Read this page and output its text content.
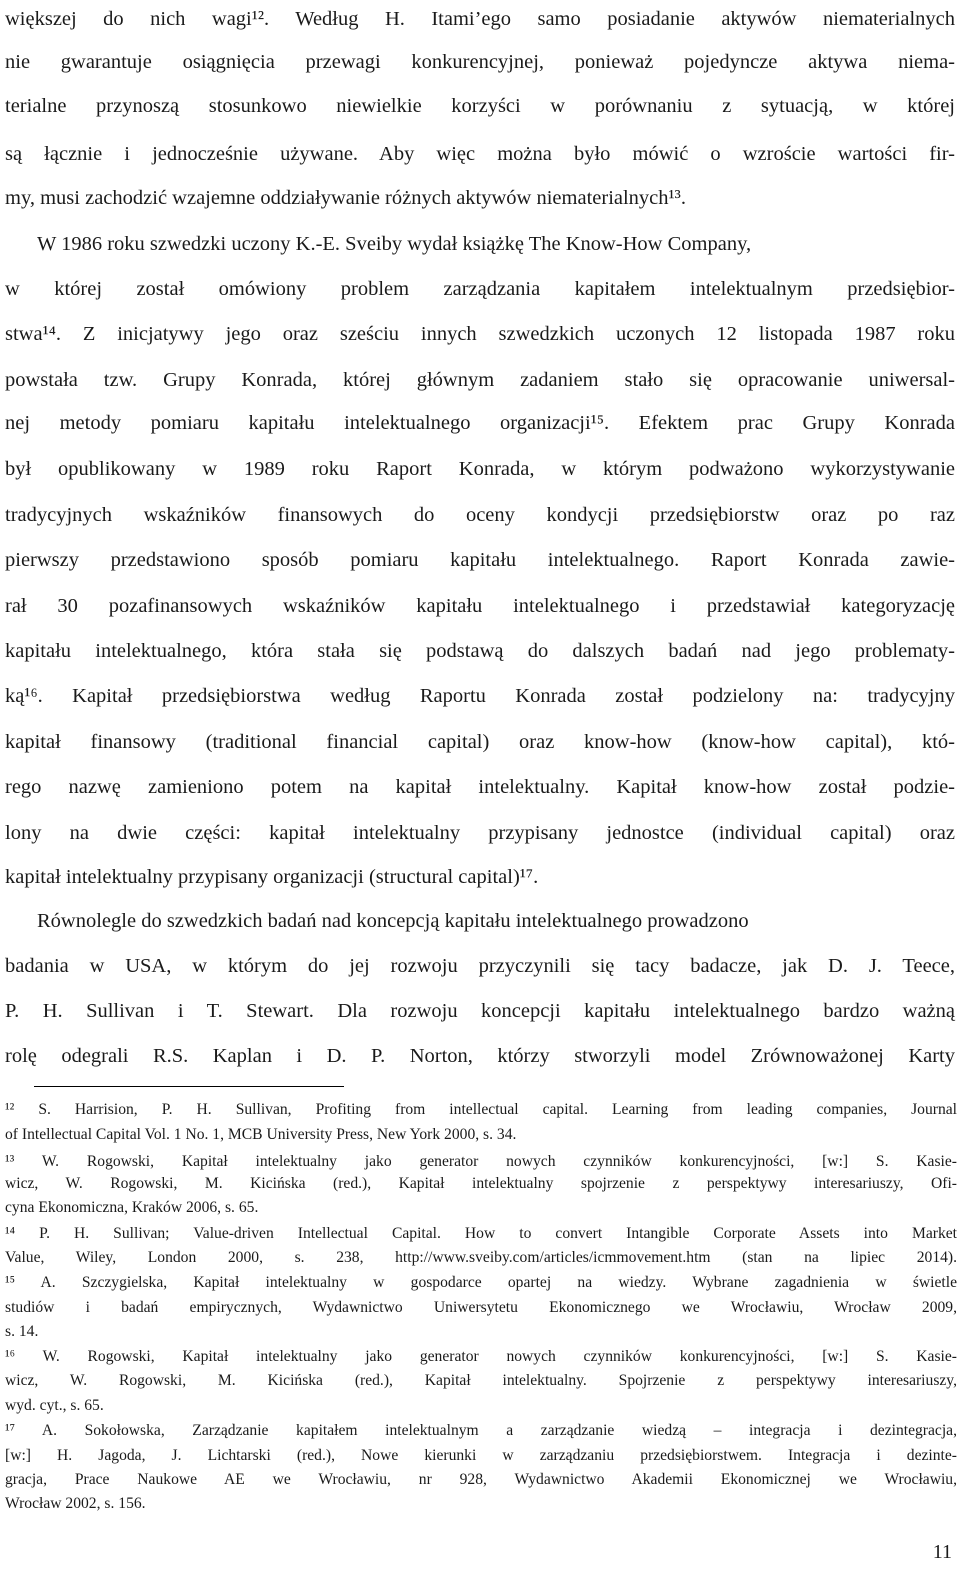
większej do nich wagi¹². Według H. Itami’ego samo posiadanie aktywów niematerialnych
nie gwarantuje osiągnięcia przewagi konkurencyjnej, ponieważ pojedyncze aktywa niema-
terialne przynoszą stosunkowo niewielkie korzyści w porównaniu z sytuacją, w której
są łącznie i jednocześnie używane. Aby więc można było mówić o wzroście wartości fir-
my, musi zachodzić wzajemne oddziaływanie różnych aktywów niematerialnych¹³.
W 1986 roku szwedzki uczony K.-E. Sveiby wydał książkę The Know-How Company,
w której został omówiony problem zarządzania kapitałem intelektualnym przedsiębior-
stwa¹⁴. Z inicjatywy jego oraz sześciu innych szwedzkich uczonych 12 listopada 1987 roku
powstała tzw. Grupy Konrada, której głównym zadaniem stało się opracowanie uniwersal-
nej metody pomiaru kapitału intelektualnego organizacji¹⁵. Efektem prac Grupy Konrada
był opublikowany w 1989 roku Raport Konrada, w którym podważono wykorzystywanie
tradycyjnych wskaźników finansowych do oceny kondycji przedsiębiorstw oraz po raz
pierwszy przedstawiono sposób pomiaru kapitału intelektualnego. Raport Konrada zawie-
rał 30 pozafinansowych wskaźników kapitału intelektualnego i przedstawiał kategoryzację
kapitału intelektualnego, która stała się podstawą do dalszych badań nad jego problematy-
ką¹⁶. Kapitał przedsiębiorstwa według Raportu Konrada został podzielony na: tradycyjny
kapitał finansowy (traditional financial capital) oraz know-how (know-how capital), któ-
rego nazwę zamieniono potem na kapitał intelektualny. Kapitał know-how został podzie-
lony na dwie części: kapitał intelektualny przypisany jednostce (individual capital) oraz
kapitał intelektualny przypisany organizacji (structural capital)¹⁷.
Równolegle do szwedzkich badań nad koncepcją kapitału intelektualnego prowadzono
badania w USA, w którym do jej rozwoju przyczynili się tacy badacze, jak D. J. Teece,
P. H. Sullivan i T. Stewart. Dla rozwoju koncepcji kapitału intelektualnego bardzo ważną
rolę odegrali R.S. Kaplan i D. P. Norton, którzy stworzyli model Zrównoważonej Karty
¹² S. Harrision, P. H. Sullivan, Profiting from intellectual capital. Learning from leading companies, Journal
of Intellectual Capital Vol. 1 No. 1, MCB University Press, New York 2000, s. 34.
¹³ W. Rogowski, Kapitał intelektualny jako generator nowych czynników konkurencyjności, [w:] S. Kasie-
wicz, W. Rogowski, M. Kicińska (red.), Kapitał intelektualny spojrzenie z perspektywy interesariuszy, Ofi-
cyna Ekonomiczna, Kraków 2006, s. 65.
¹⁴ P. H. Sullivan; Value-driven Intellectual Capital. How to convert Intangible Corporate Assets into Market
Value, Wiley, London 2000, s. 238, http://www.sveiby.com/articles/icmmovement.htm (stan na lipiec 2014).
¹⁵ A. Szczygielska, Kapitał intelektualny w gospodarce opartej na wiedzy. Wybrane zagadnienia w świetle
studiów i badań empirycznych, Wydawnictwo Uniwersytetu Ekonomicznego we Wrocławiu, Wrocław 2009,
s. 14.
¹⁶ W. Rogowski, Kapitał intelektualny jako generator nowych czynników konkurencyjności, [w:] S. Kasie-
wicz, W. Rogowski, M. Kicińska (red.), Kapitał intelektualny. Spojrzenie z perspektywy interesariuszy,
wyd. cyt., s. 65.
¹⁷ A. Sokołowska, Zarządzanie kapitałem intelektualnym a zarządzanie wiedzą – integracja i dezintegracja,
[w:] H. Jagoda, J. Lichtarski (red.), Nowe kierunki w zarządzaniu przedsiębiorstwem. Integracja i dezinte-
gracja, Prace Naukowe AE we Wrocławiu, nr 928, Wydawnictwo Akademii Ekonomicznej we Wrocławiu,
Wrocław 2002, s. 156.
11
